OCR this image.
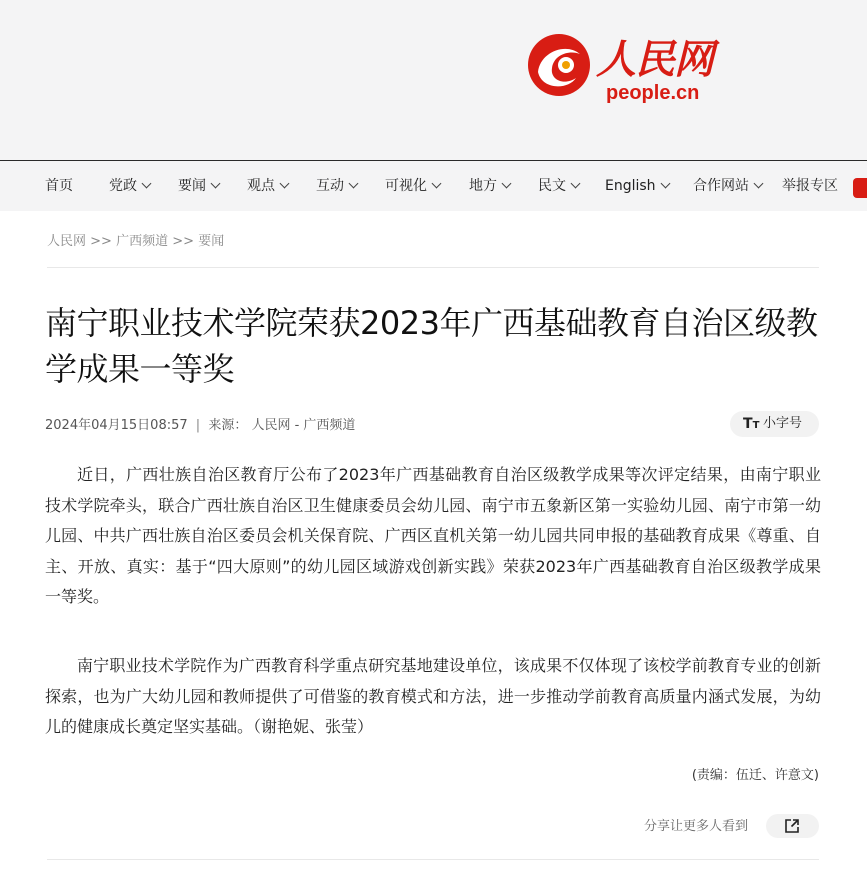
人民网
people.cn
首页	党政	要闻	观点	互动	可视化	地方	民文	English	合作网站	举报专区
人民网 >> 广西频道 >> 要闻
南宁职业技术学院荣获2023年广西基础教育自治区级教学成果一等奖
2024年04月15日08:57 | 来源： 人民网 - 广西频道	TT 小字号

近日，广西壮族自治区教育厅公布了2023年广西基础教育自治区级教学成果等次评定结果，由南宁职业技术学院牵头，联合广西壮族自治区卫生健康委员会幼儿园、南宁市五象新区第一实验幼儿园、南宁市第一幼儿园、中共广西壮族自治区委员会机关保育院、广西区直机关第一幼儿园共同申报的基础教育成果《尊重、自主、开放、真实：基于“四大原则”的幼儿园区域游戏创新实践》荣获2023年广西基础教育自治区级教学成果一等奖。

南宁职业技术学院作为广西教育科学重点研究基地建设单位，该成果不仅体现了该校学前教育专业的创新探索，也为广大幼儿园和教师提供了可借鉴的教育模式和方法，进一步推动学前教育高质量内涵式发展，为幼儿的健康成长奠定坚实基础。（谢艳妮、张莹）

(责编：伍迁、许意文)
分享让更多人看到
